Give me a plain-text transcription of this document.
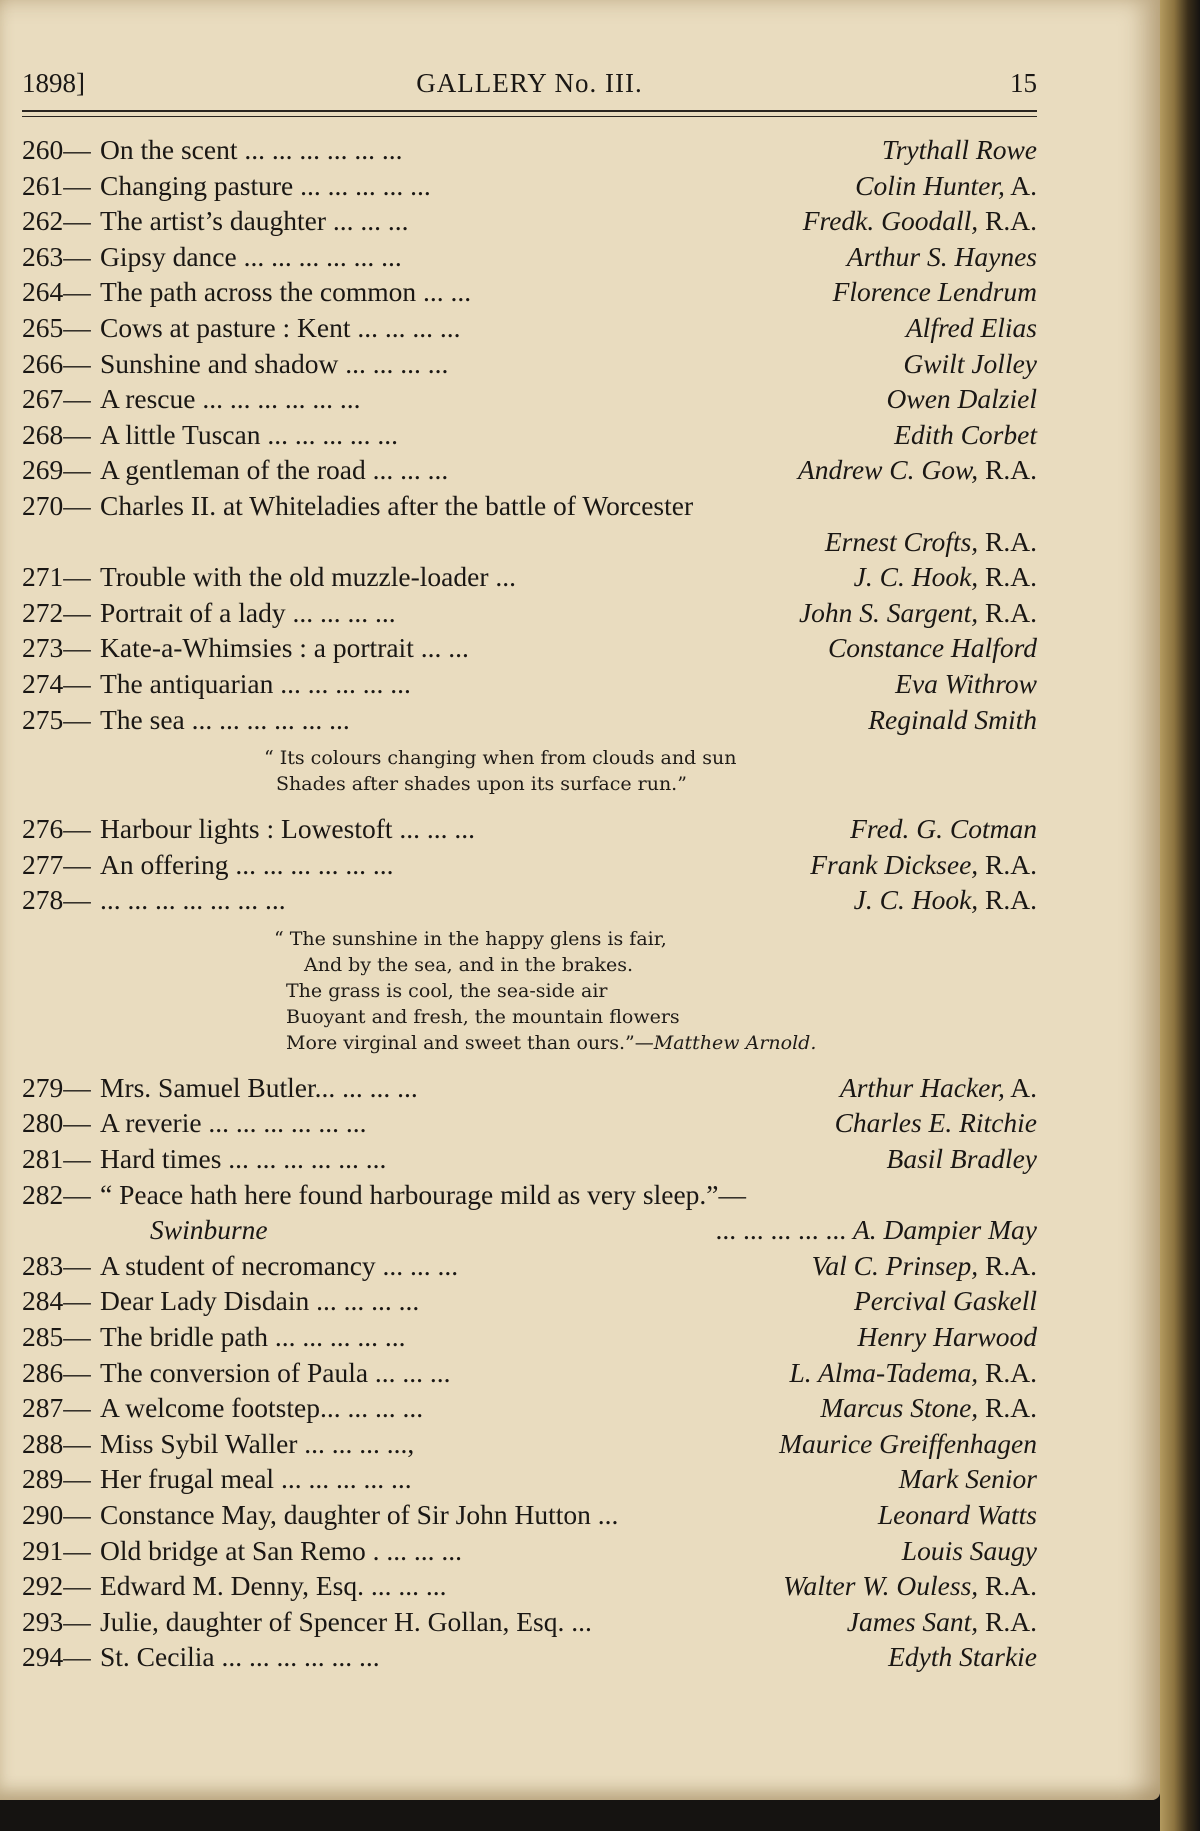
1898]	GALLERY No. III.	15
260— On the scent ... ... ... ... ... ...	Trythall Rowe
261— Changing pasture ... ... ... ... ...	Colin Hunter, A.
262— The artist’s daughter ... ... ...	Fredk. Goodall, R.A.
263— Gipsy dance ... ... ... ... ... ...	Arthur S. Haynes
264— The path across the common ... ...	Florence Lendrum
265— Cows at pasture : Kent ... ... ... ...	Alfred Elias
266— Sunshine and shadow ... ... ... ...	Gwilt Jolley
267— A rescue ... ... ... ... ... ...	Owen Dalziel
268— A little Tuscan ... ... ... ... ...	Edith Corbet
269— A gentleman of the road ... ... ...	Andrew C. Gow, R.A.
270— Charles II. at Whiteladies after the battle of Worcester
Ernest Crofts, R.A.
271— Trouble with the old muzzle-loader ...	J. C. Hook, R.A.
272— Portrait of a lady ... ... ... ...	John S. Sargent, R.A.
273— Kate-a-Whimsies : a portrait ... ...	Constance Halford
274— The antiquarian ... ... ... ... ...	Eva Withrow
275— The sea ... ... ... ... ... ...	Reginald Smith
“ Its colours changing when from clouds and sun
Shades after shades upon its surface run.”
276— Harbour lights : Lowestoft ... ... ...	Fred. G. Cotman
277— An offering ... ... ... ... ... ...	Frank Dicksee, R.A.
278— ... ... ... ... ... ... ...	J. C. Hook, R.A.
“ The sunshine in the happy glens is fair,
And by the sea, and in the brakes.
The grass is cool, the sea-side air
Buoyant and fresh, the mountain flowers
More virginal and sweet than ours.”—Matthew Arnold.
279— Mrs. Samuel Butler... ... ... ...	Arthur Hacker, A.
280— A reverie ... ... ... ... ... ...	Charles E. Ritchie
281— Hard times ... ... ... ... ... ...	Basil Bradley
282— “ Peace hath here found harbourage mild as very sleep.”—
Swinburne	... ... ... ... ... A. Dampier May
283— A student of necromancy ... ... ...	Val C. Prinsep, R.A.
284— Dear Lady Disdain ... ... ... ...	Percival Gaskell
285— The bridle path ... ... ... ... ...	Henry Harwood
286— The conversion of Paula ... ... ...	L. Alma-Tadema, R.A.
287— A welcome footstep... ... ... ...	Marcus Stone, R.A.
288— Miss Sybil Waller ... ... ... ...,	Maurice Greiffenhagen
289— Her frugal meal ... ... ... ... ...	Mark Senior
290— Constance May, daughter of Sir John Hutton ...	Leonard Watts
291— Old bridge at San Remo . ... ... ...	Louis Saugy
292— Edward M. Denny, Esq. ... ... ...	Walter W. Ouless, R.A.
293— Julie, daughter of Spencer H. Gollan, Esq. ...	James Sant, R.A.
294— St. Cecilia ... ... ... ... ... ...	Edyth Starkie
